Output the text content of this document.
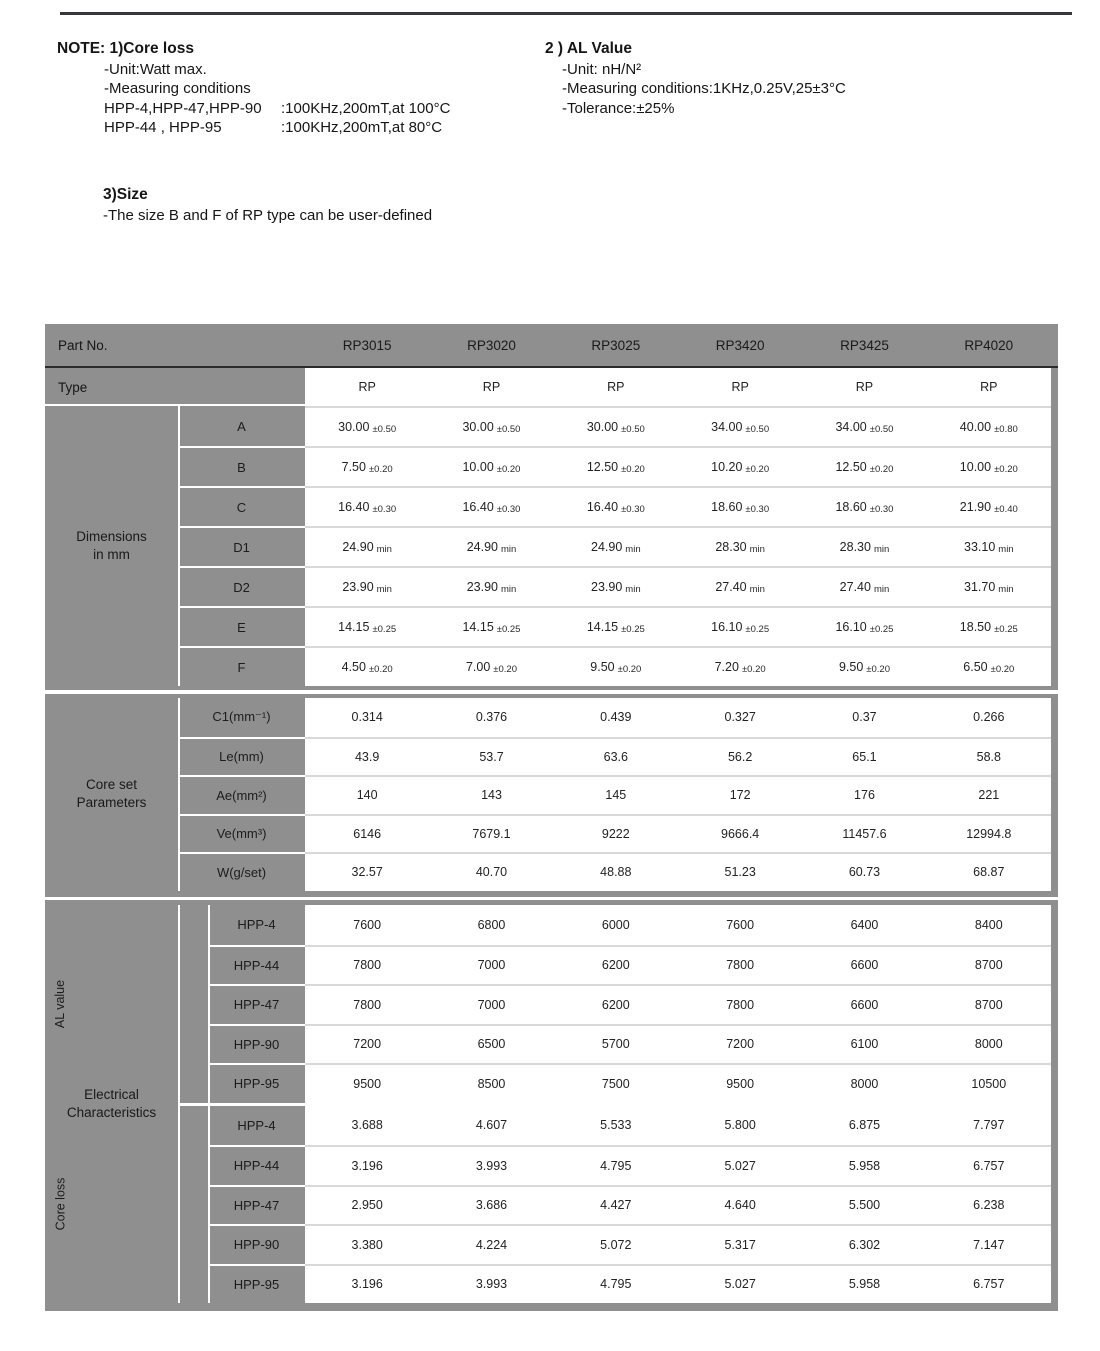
NOTE: 1)Core loss
-Unit:Watt max.
-Measuring conditions
HPP-4,HPP-47,HPP-90	:100KHz,200mT,at 100°C
HPP-44 , HPP-95	:100KHz,200mT,at 80°C
2 ) AL Value
-Unit: nH/N²
-Measuring conditions:1KHz,0.25V,25±3°C
-Tolerance:±25%
3)Size
-The size B and F of RP type can be user-defined
Part No.	RP3015	RP3020	RP3025	RP3420	RP3425	RP4020
Type	RP	RP	RP	RP	RP	RP
A	30.00 ±0.50	30.00 ±0.50	30.00 ±0.50	34.00 ±0.50	34.00 ±0.50	40.00 ±0.80
B	7.50 ±0.20	10.00 ±0.20	12.50 ±0.20	10.20 ±0.20	12.50 ±0.20	10.00 ±0.20
C	16.40 ±0.30	16.40 ±0.30	16.40 ±0.30	18.60 ±0.30	18.60 ±0.30	21.90 ±0.40
D1	24.90 min	24.90 min	24.90 min	28.30 min	28.30 min	33.10 min
D2	23.90 min	23.90 min	23.90 min	27.40 min	27.40 min	31.70 min
E	14.15 ±0.25	14.15 ±0.25	14.15 ±0.25	16.10 ±0.25	16.10 ±0.25	18.50 ±0.25
F	4.50 ±0.20	7.00 ±0.20	9.50 ±0.20	7.20 ±0.20	9.50 ±0.20	6.50 ±0.20
Dimensions
in mm
C1(mm⁻¹)	0.314	0.376	0.439	0.327	0.37	0.266
Le(mm)	43.9	53.7	63.6	56.2	65.1	58.8
Ae(mm²)	140	143	145	172	176	221
Ve(mm³)	6146	7679.1	9222	9666.4	11457.6	12994.8
W(g/set)	32.57	40.70	48.88	51.23	60.73	68.87
Core set
Parameters
HPP-4	7600	6800	6000	7600	6400	8400
HPP-44	7800	7000	6200	7800	6600	8700
HPP-47	7800	7000	6200	7800	6600	8700
HPP-90	7200	6500	5700	7200	6100	8000
HPP-95	9500	8500	7500	9500	8000	10500
HPP-4	3.688	4.607	5.533	5.800	6.875	7.797
HPP-44	3.196	3.993	4.795	5.027	5.958	6.757
HPP-47	2.950	3.686	4.427	4.640	5.500	6.238
HPP-90	3.380	4.224	5.072	5.317	6.302	7.147
HPP-95	3.196	3.993	4.795	5.027	5.958	6.757
Electrical
Characteristics
AL value
Core loss
